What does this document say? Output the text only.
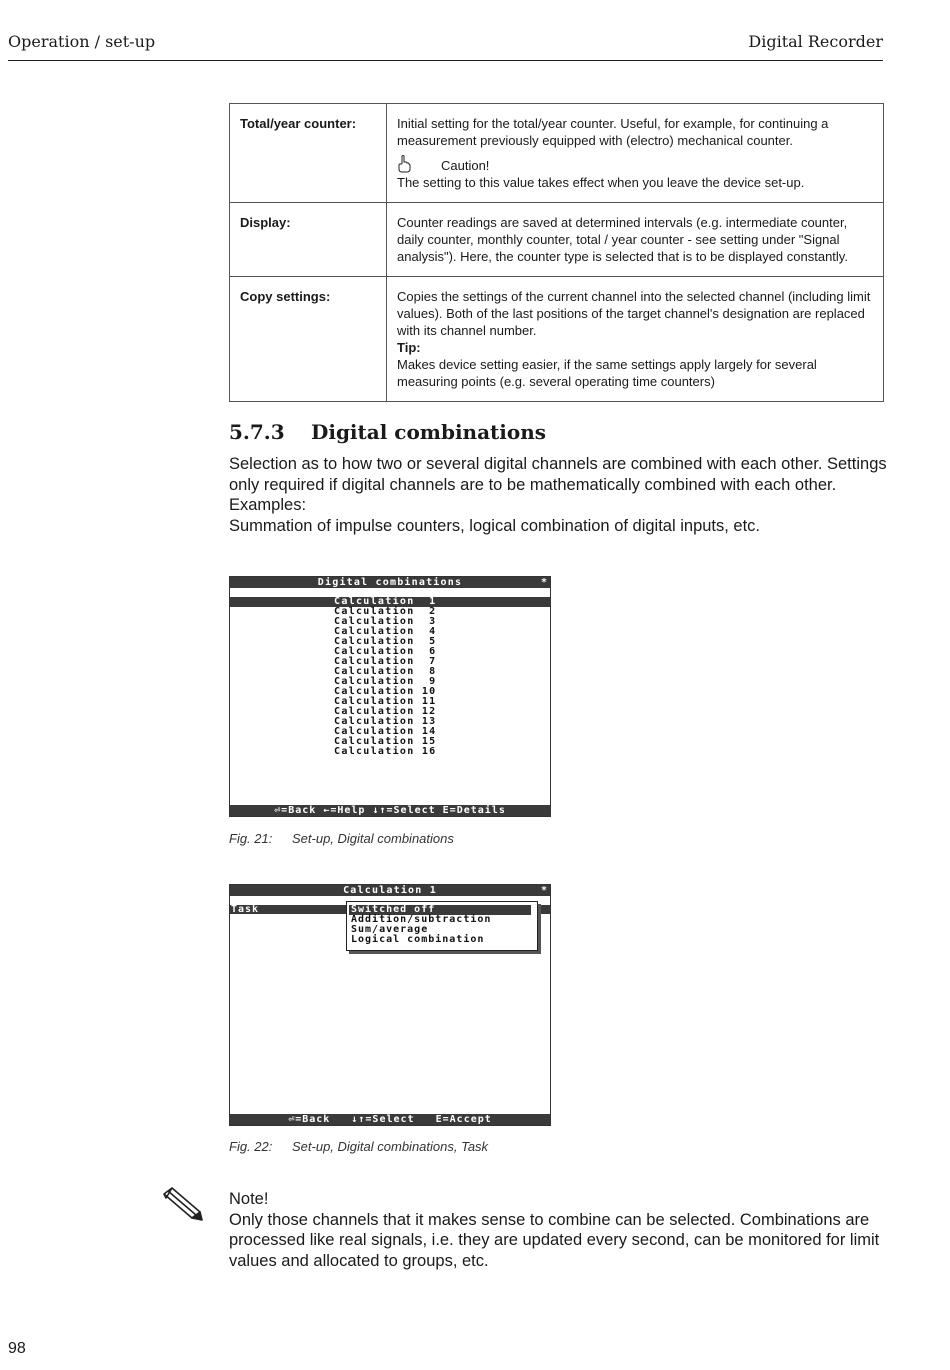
Operation / set-up	Digital Recorder
Total/year counter:	Initial setting for the total/year counter. Useful, for example, for continuing a measurement previously equipped with (electro) mechanical counter.
Caution!
The setting to this value takes effect when you leave the device set-up.

Display:	Counter readings are saved at determined intervals (e.g. intermediate counter, daily counter, monthly counter, total / year counter - see setting under "Signal analysis"). Here, the counter type is selected that is to be displayed constantly.

Copy settings:	Copies the settings of the current channel into the selected channel (including limit values). Both of the last positions of the target channel's designation are replaced with its channel number.
Tip:
Makes device setting easier, if the same settings apply largely for several measuring points (e.g. several operating time counters)
5.7.3 Digital combinations

Selection as to how two or several digital channels are combined with each other. Settings only required if digital channels are to be mathematically combined with each other.

Examples:

Summation of impulse counters, logical combination of digital inputs, etc.

Digital combinations	*
Calculation  1
Calculation  2
Calculation  3
Calculation  4
Calculation  5
Calculation  6
Calculation  7
Calculation  8
Calculation  9
Calculation 10
Calculation 11
Calculation 12
Calculation 13
Calculation 14
Calculation 15
Calculation 16
⏎=Back ←=Help ↓↑=Select E=Details
Fig. 21: Set-up, Digital combinations
Calculation 1	*
Task	Switched off
Addition/subtraction
Sum/average
Logical combination
⏎=Back   ↓↑=Select   E=Accept
Fig. 22: Set-up, Digital combinations, Task

Note!

Only those channels that it makes sense to combine can be selected. Combinations are processed like real signals, i.e. they are updated every second, can be monitored for limit values and allocated to groups, etc.

98
